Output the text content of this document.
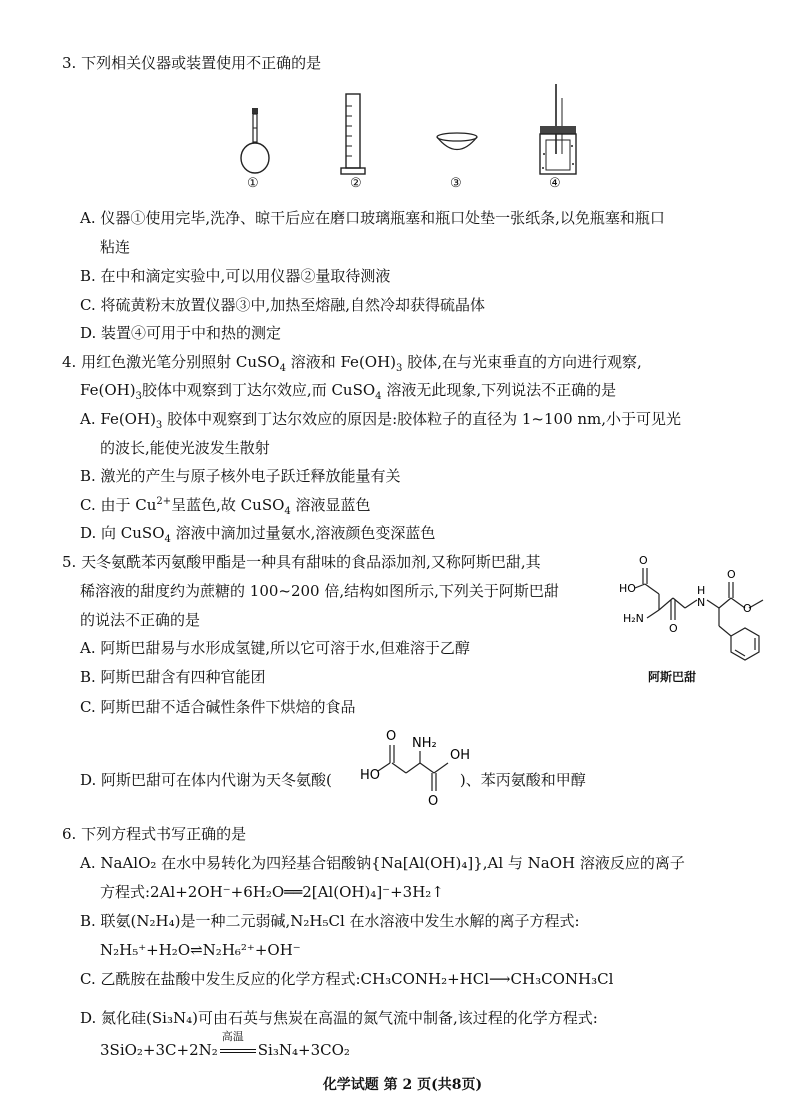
3. 下列相关仪器或装置使用不正确的是
①	②	③	④
A. 仪器①使用完毕,洗净、晾干后应在磨口玻璃瓶塞和瓶口处垫一张纸条,以免瓶塞和瓶口
粘连
B. 在中和滴定实验中,可以用仪器②量取待测液
C. 将硫黄粉末放置仪器③中,加热至熔融,自然冷却获得硫晶体
D. 装置④可用于中和热的测定
4. 用红色激光笔分别照射 CuSO$_4$ 溶液和 $Fe(OH)_3$ 胶体,在与光束垂直的方向进行观察,
$Fe(OH)_3$胶体中观察到丁达尔效应,而 CuSO$_4$ 溶液无此现象,下列说法不正确的是
A. $Fe(OH)_3$ 胶体中观察到丁达尔效应的原因是:胶体粒子的直径为 1~100 nm,小于可见光
的波长,能使光波发生散射
B. 激光的产生与原子核外电子跃迁释放能量有关
C. 由于 $Cu^{2+}$呈蓝色,故 CuSO$_4$ 溶液显蓝色
D. 向 CuSO$_4$ 溶液中滴加过量氨水,溶液颜色变深蓝色
5. 天冬氨酰苯丙氨酸甲酯是一种具有甜味的食品添加剂,又称阿斯巴甜,其
稀溶液的甜度约为蔗糖的 100~200 倍,结构如图所示,下列关于阿斯巴甜
的说法不正确的是
A. 阿斯巴甜易与水形成氢键,所以它可溶于水,但难溶于乙醇
B. 阿斯巴甜含有四种官能团
C. 阿斯巴甜不适合碱性条件下烘焙的食品
O
HO
H₂N
O
H
N
O
O
阿斯巴甜
D. 阿斯巴甜可在体内代谢为天冬氨酸(	)、苯丙氨酸和甲醇
O NH₂
OH
HO
O
6. 下列方程式书写正确的是
A. NaAlO₂ 在水中易转化为四羟基合铝酸钠{Na[Al(OH)₄]},Al 与 NaOH 溶液反应的离子
方程式:2Al+2OH⁻+6H₂O══2[Al(OH)₄]⁻+3H₂↑
B. 联氨(N₂H₄)是一种二元弱碱,N₂H₅Cl 在水溶液中发生水解的离子方程式:
N₂H₅⁺+H₂O⇌N₂H₆²⁺+OH⁻
C. 乙酰胺在盐酸中发生反应的化学方程式:CH₃CONH₂+HCl⟶CH₃CONH₃Cl
D. 氮化硅(Si₃N₄)可由石英与焦炭在高温的氮气流中制备,该过程的化学方程式:
3SiO₂+3C+2N₂
高温
Si₃N₄+3CO₂
化学试题 第 2 页(共8页)
